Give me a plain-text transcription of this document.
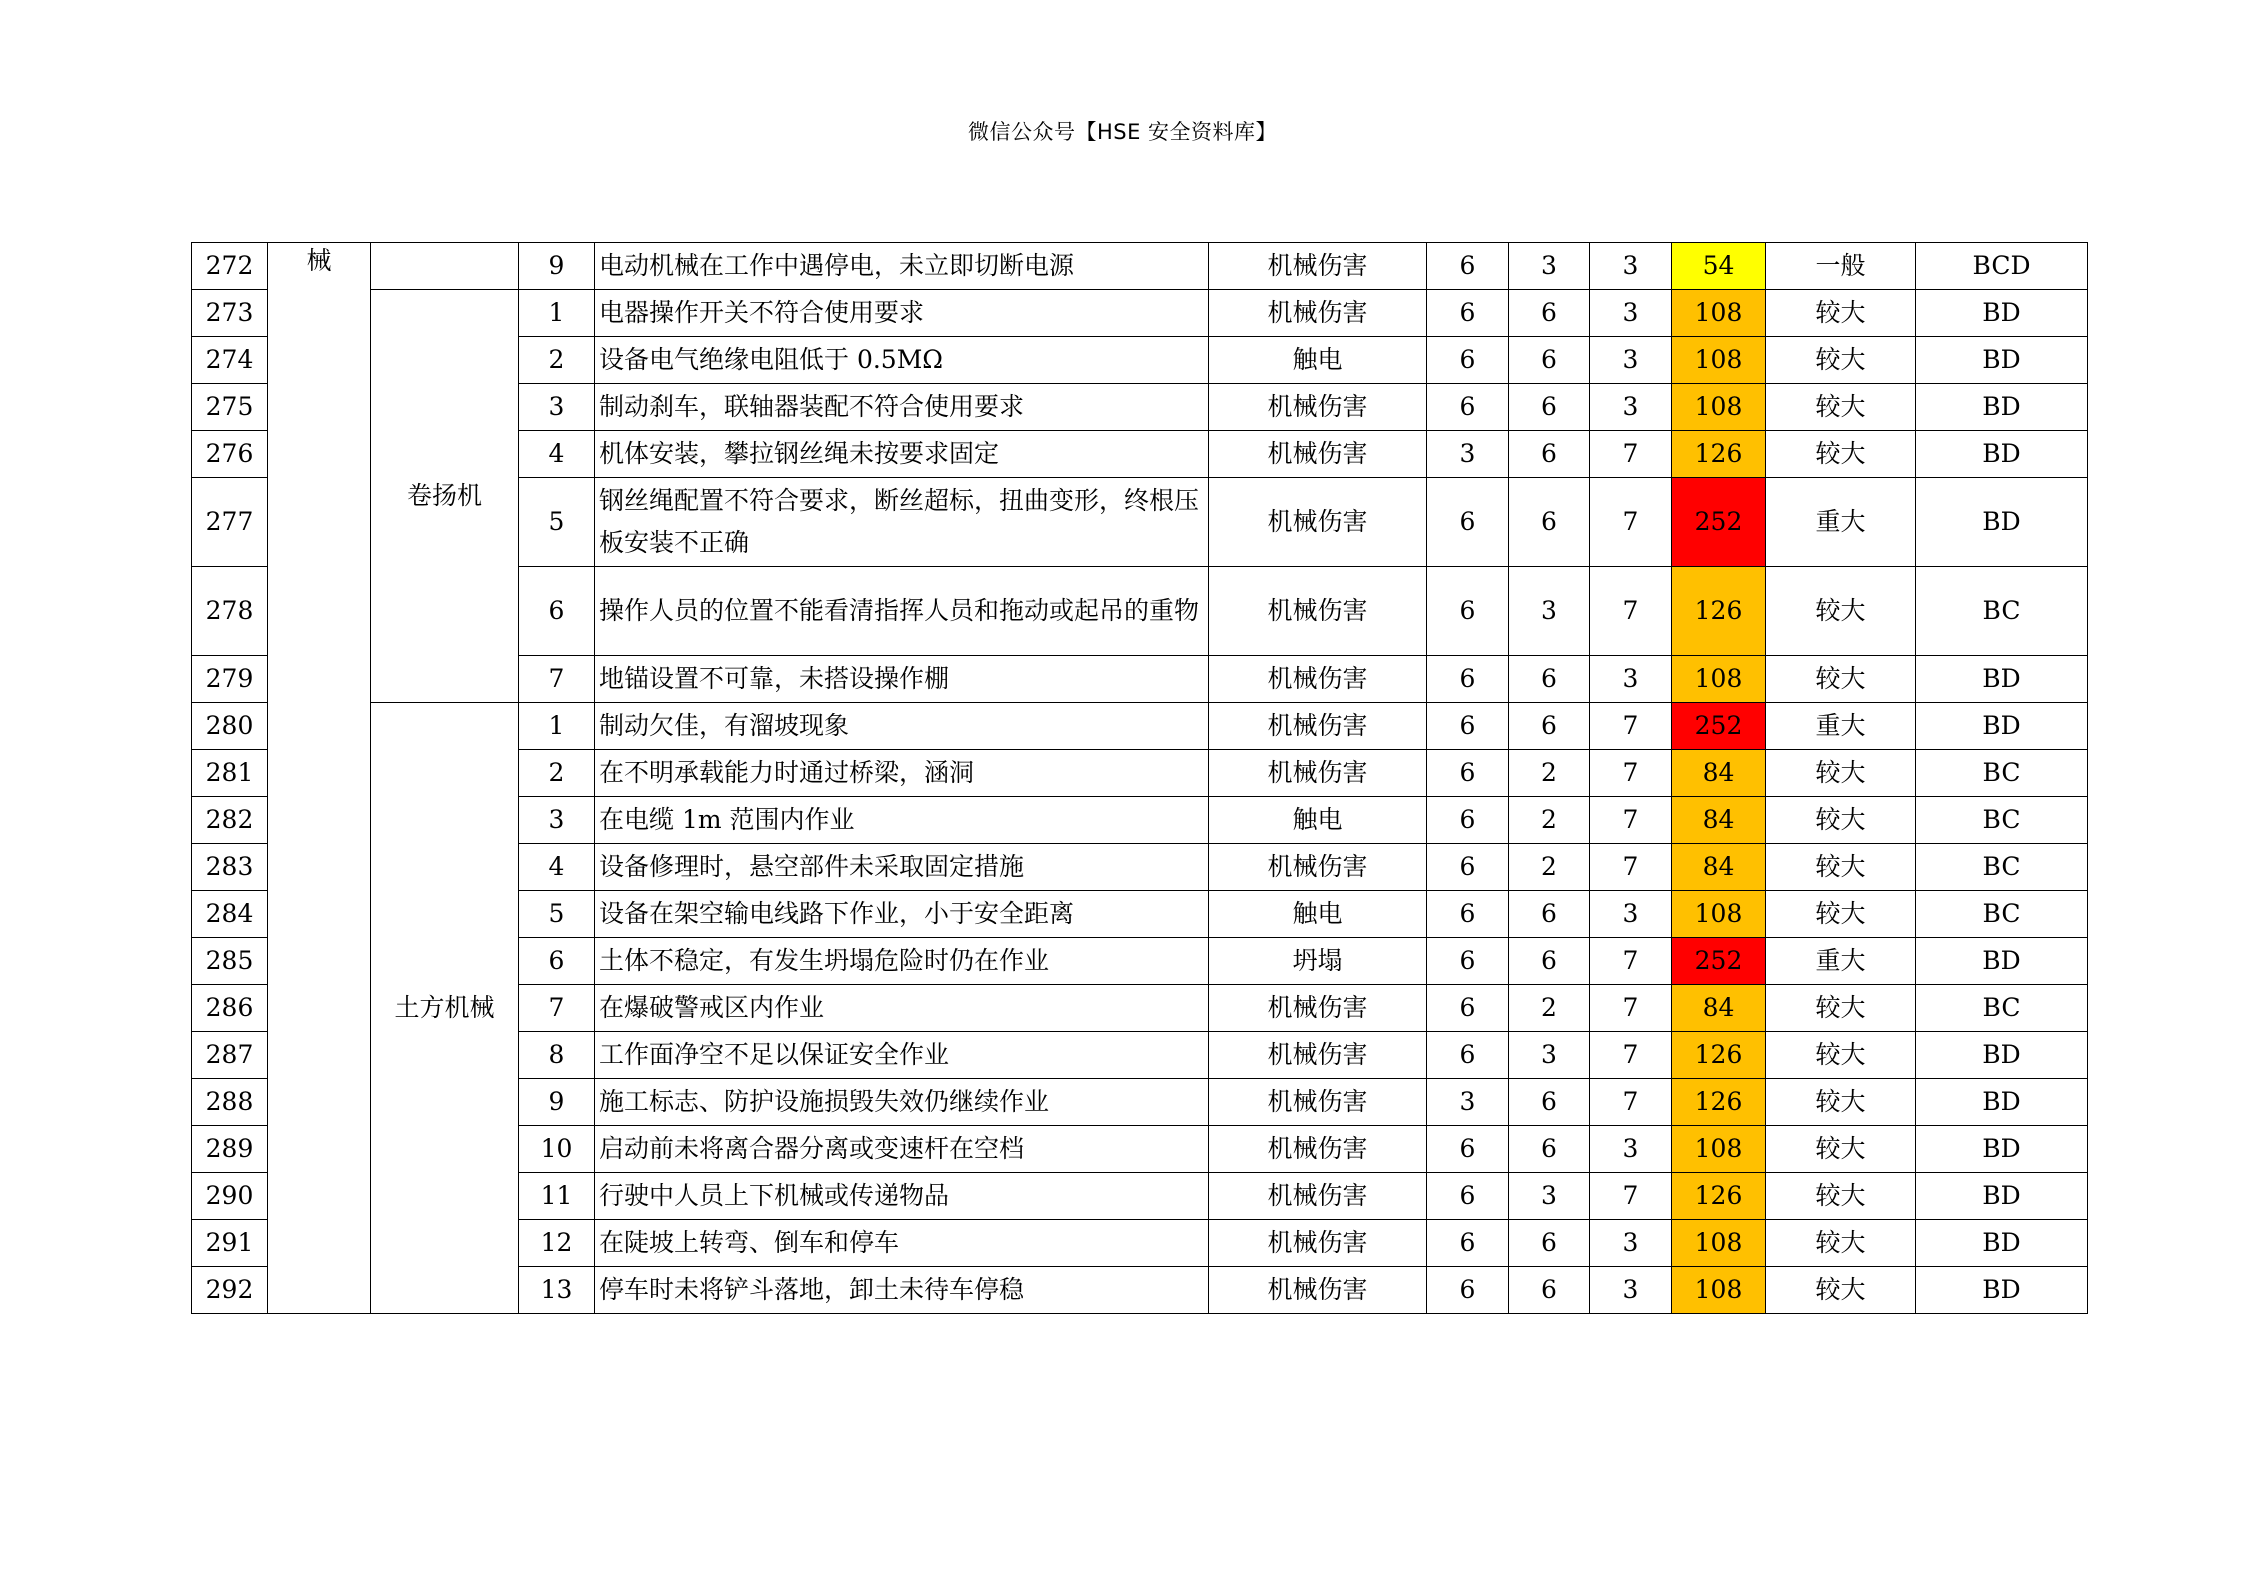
微信公众号【HSE 安全资料库】
272	械		9	电动机械在工作中遇停电，未立即切断电源	机械伤害	6	3	3	54	一般	BCD
273		卷扬机	1	电器操作开关不符合使用要求	机械伤害	6	6	3	108	较大	BD
274			2	设备电气绝缘电阻低于 0.5MΩ	触电	6	6	3	108	较大	BD
275			3	制动刹车，联轴器装配不符合使用要求	机械伤害	6	6	3	108	较大	BD
276			4	机体安装，攀拉钢丝绳未按要求固定	机械伤害	3	6	7	126	较大	BD
277			5	钢丝绳配置不符合要求，断丝超标，扭曲变形，终根压板安装不正确	机械伤害	6	6	7	252	重大	BD
278			6	操作人员的位置不能看清指挥人员和拖动或起吊的重物	机械伤害	6	3	7	126	较大	BC
279			7	地锚设置不可靠，未搭设操作棚	机械伤害	6	6	3	108	较大	BD
280		土方机械	1	制动欠佳，有溜坡现象	机械伤害	6	6	7	252	重大	BD
281			2	在不明承载能力时通过桥梁，涵洞	机械伤害	6	2	7	84	较大	BC
282			3	在电缆 1m 范围内作业	触电	6	2	7	84	较大	BC
283			4	设备修理时，悬空部件未采取固定措施	机械伤害	6	2	7	84	较大	BC
284			5	设备在架空输电线路下作业，小于安全距离	触电	6	6	3	108	较大	BC
285			6	土体不稳定，有发生坍塌危险时仍在作业	坍塌	6	6	7	252	重大	BD
286			7	在爆破警戒区内作业	机械伤害	6	2	7	84	较大	BC
287			8	工作面净空不足以保证安全作业	机械伤害	6	3	7	126	较大	BD
288			9	施工标志、防护设施损毁失效仍继续作业	机械伤害	3	6	7	126	较大	BD
289			10	启动前未将离合器分离或变速杆在空档	机械伤害	6	6	3	108	较大	BD
290			11	行驶中人员上下机械或传递物品	机械伤害	6	3	7	126	较大	BD
291			12	在陡坡上转弯、倒车和停车	机械伤害	6	6	3	108	较大	BD
292			13	停车时未将铲斗落地，卸土未待车停稳	机械伤害	6	6	3	108	较大	BD
